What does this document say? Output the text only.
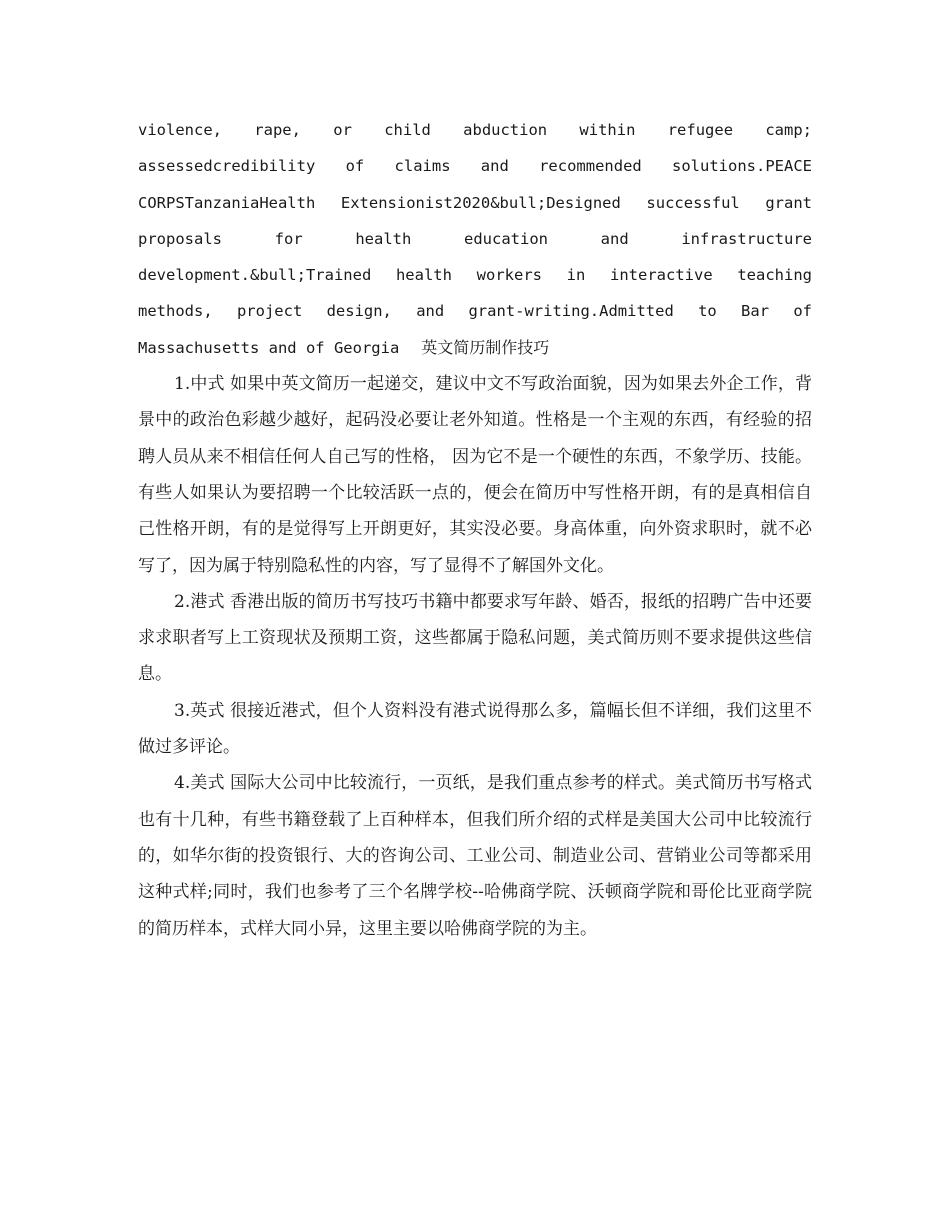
violence, rape, or child abduction within refugee camp;
assessedcredibility of claims and recommended solutions.PEACE
CORPSTanzaniaHealth Extensionist2020&bull;Designed successful grant
proposals for health education and infrastructure
development.&bull;Trained health workers in interactive teaching
methods, project design, and grant-writing.Admitted to Bar of
Massachusetts and of Georgia 英文简历制作技巧

1.中式 如果中英文简历一起递交，建议中文不写政治面貌，因为如果去外企工作，背景中的政治色彩越少越好，起码没必要让老外知道。性格是一个主观的东西，有经验的招聘人员从来不相信任何人自己写的性格， 因为它不是一个硬性的东西，不象学历、技能。有些人如果认为要招聘一个比较活跃一点的，便会在简历中写性格开朗，有的是真相信自己性格开朗，有的是觉得写上开朗更好，其实没必要。身高体重，向外资求职时，就不必写了，因为属于特别隐私性的内容，写了显得不了解国外文化。

2.港式 香港出版的简历书写技巧书籍中都要求写年龄、婚否，报纸的招聘广告中还要求求职者写上工资现状及预期工资，这些都属于隐私问题，美式简历则不要求提供这些信息。

3.英式 很接近港式，但个人资料没有港式说得那么多，篇幅长但不详细，我们这里不做过多评论。

4.美式 国际大公司中比较流行，一页纸，是我们重点参考的样式。美式简历书写格式也有十几种，有些书籍登载了上百种样本，但我们所介绍的式样是美国大公司中比较流行的，如华尔街的投资银行、大的咨询公司、工业公司、制造业公司、营销业公司等都采用这种式样;同时，我们也参考了三个名牌学校--哈佛商学院、沃顿商学院和哥伦比亚商学院的简历样本，式样大同小异，这里主要以哈佛商学院的为主。
